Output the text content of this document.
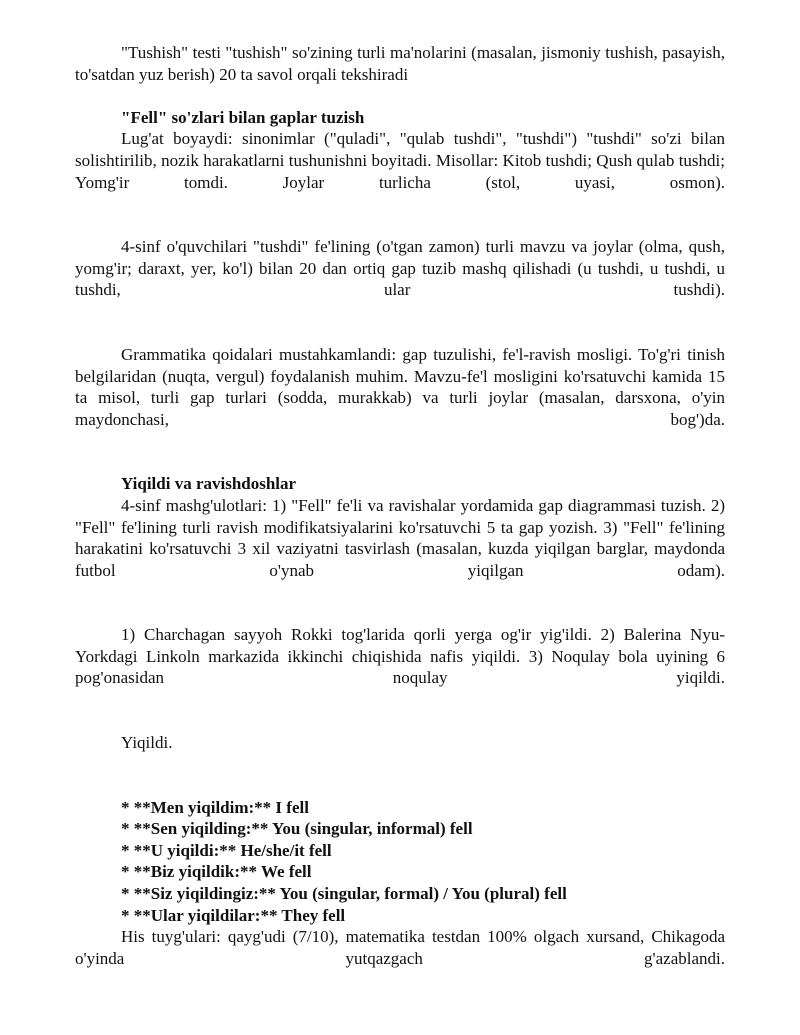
"Tushish" testi "tushish" so'zining turli ma'nolarini (masalan, jismoniy tushish, pasayish, to'satdan yuz berish) 20 ta savol orqali tekshiradi

"Fell" so'zlari bilan gaplar tuzish

Lug'at boyaydi: sinonimlar ("quladi", "qulab tushdi", "tushdi") "tushdi" so'zi bilan solishtirilib, nozik harakatlarni tushunishni boyitadi. Misollar: Kitob tushdi; Qush qulab tushdi; Yomg'ir tomdi. Joylar turlicha (stol, uyasi, osmon).

4-sinf o'quvchilari "tushdi" fe'lining (o'tgan zamon) turli mavzu va joylar (olma, qush, yomg'ir; daraxt, yer, ko'l) bilan 20 dan ortiq gap tuzib mashq qilishadi (u tushdi, u tushdi, u tushdi, ular tushdi).

Grammatika qoidalari mustahkamlandi: gap tuzulishi, fe'l-ravish mosligi. To'g'ri tinish belgilaridan (nuqta, vergul) foydalanish muhim. Mavzu-fe'l mosligini ko'rsatuvchi kamida 15 ta misol, turli gap turlari (sodda, murakkab) va turli joylar (masalan, darsxona, o'yin maydonchasi, bog')da.

Yiqildi va ravishdoshlar

4-sinf mashg'ulotlari: 1) "Fell" fe'li va ravishalar yordamida gap diagrammasi tuzish. 2) "Fell" fe'lining turli ravish modifikatsiyalarini ko'rsatuvchi 5 ta gap yozish. 3) "Fell" fe'lining harakatini ko'rsatuvchi 3 xil vaziyatni tasvirlash (masalan, kuzda yiqilgan barglar, maydonda futbol o'ynab yiqilgan odam).

1) Charchagan sayyoh Rokki tog'larida qorli yerga og'ir yig'ildi. 2) Balerina Nyu-Yorkdagi Linkoln markazida ikkinchi chiqishida nafis yiqildi. 3) Noqulay bola uyining 6 pog'onasidan noqulay yiqildi.

Yiqildi.

* **Men yiqildim:** I fell

* **Sen yiqilding:** You (singular, informal) fell

* **U yiqildi:** He/she/it fell

* **Biz yiqildik:** We fell

* **Siz yiqildingiz:** You (singular, formal) / You (plural) fell

* **Ular yiqildilar:** They fell

His tuyg'ulari: qayg'udi (7/10), matematika testdan 100% olgach xursand, Chikagoda o'yinda yutqazgach g'azablandi.
